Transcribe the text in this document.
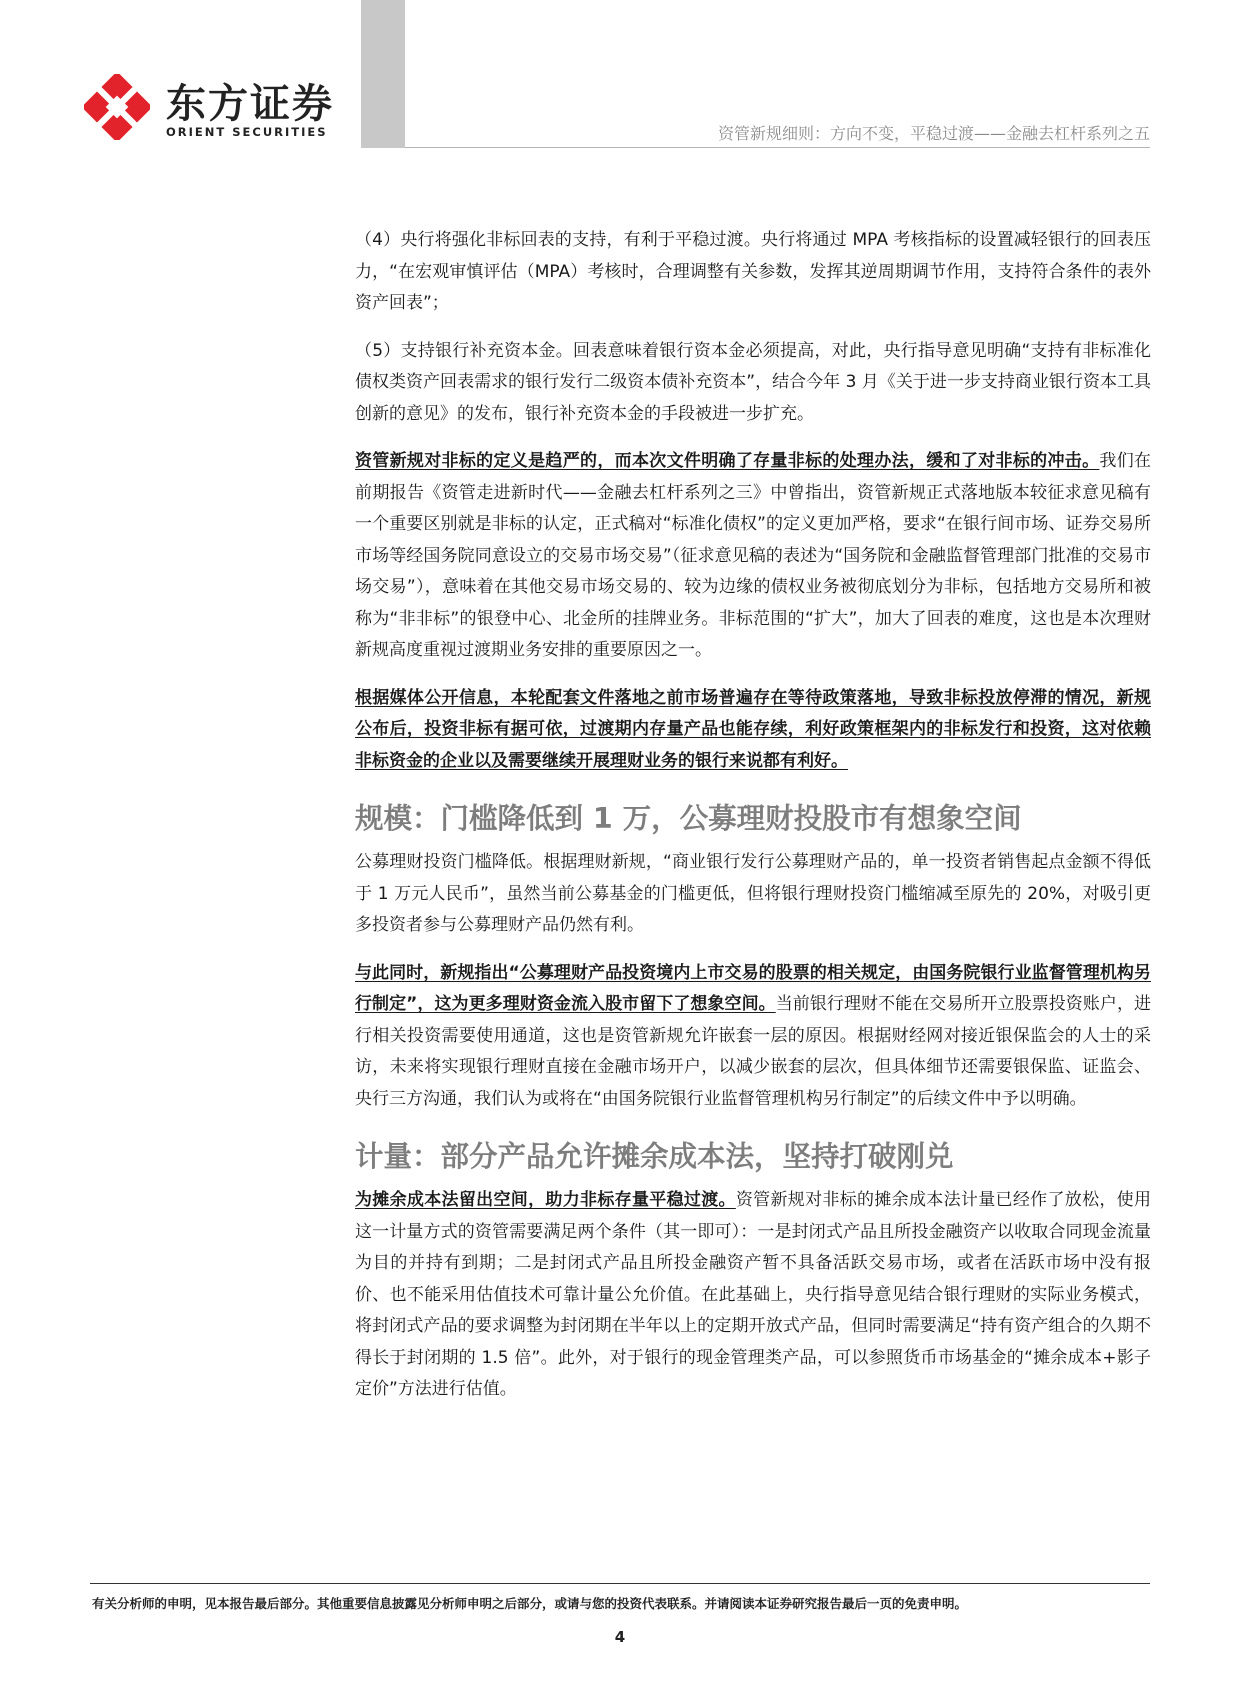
东方证券
ORIENT SECURITIES	资管新规细则：方向不变，平稳过渡——金融去杠杆系列之五

（4）央行将强化非标回表的支持，有利于平稳过渡。央行将通过 MPA 考核指标的设置减轻银行的回表压力，“在宏观审慎评估（MPA）考核时，合理调整有关参数，发挥其逆周期调节作用，支持符合条件的表外资产回表”；

（5）支持银行补充资本金。回表意味着银行资本金必须提高，对此，央行指导意见明确“支持有非标准化债权类资产回表需求的银行发行二级资本债补充资本”，结合今年 3 月《关于进一步支持商业银行资本工具创新的意见》的发布，银行补充资本金的手段被进一步扩充。

资管新规对非标的定义是趋严的，而本次文件明确了存量非标的处理办法，缓和了对非标的冲击。我们在前期报告《资管走进新时代——金融去杠杆系列之三》中曾指出，资管新规正式落地版本较征求意见稿有一个重要区别就是非标的认定，正式稿对“标准化债权”的定义更加严格，要求“在银行间市场、证券交易所市场等经国务院同意设立的交易市场交易”（征求意见稿的表述为“国务院和金融监督管理部门批准的交易市场交易”），意味着在其他交易市场交易的、较为边缘的债权业务被彻底划分为非标，包括地方交易所和被称为“非非标”的银登中心、北金所的挂牌业务。非标范围的“扩大”，加大了回表的难度，这也是本次理财新规高度重视过渡期业务安排的重要原因之一。

根据媒体公开信息，本轮配套文件落地之前市场普遍存在等待政策落地，导致非标投放停滞的情况，新规公布后，投资非标有据可依，过渡期内存量产品也能存续，利好政策框架内的非标发行和投资，这对依赖非标资金的企业以及需要继续开展理财业务的银行来说都有利好。

规模：门槛降低到 1 万，公募理财投股市有想象空间

公募理财投资门槛降低。根据理财新规，“商业银行发行公募理财产品的，单一投资者销售起点金额不得低于 1 万元人民币”，虽然当前公募基金的门槛更低，但将银行理财投资门槛缩减至原先的 20%，对吸引更多投资者参与公募理财产品仍然有利。

与此同时，新规指出“公募理财产品投资境内上市交易的股票的相关规定，由国务院银行业监督管理机构另行制定”，这为更多理财资金流入股市留下了想象空间。当前银行理财不能在交易所开立股票投资账户，进行相关投资需要使用通道，这也是资管新规允许嵌套一层的原因。根据财经网对接近银保监会的人士的采访，未来将实现银行理财直接在金融市场开户，以减少嵌套的层次，但具体细节还需要银保监、证监会、央行三方沟通，我们认为或将在“由国务院银行业监督管理机构另行制定”的后续文件中予以明确。

计量：部分产品允许摊余成本法，坚持打破刚兑

为摊余成本法留出空间，助力非标存量平稳过渡。资管新规对非标的摊余成本法计量已经作了放松，使用这一计量方式的资管需要满足两个条件（其一即可）：一是封闭式产品且所投金融资产以收取合同现金流量为目的并持有到期；二是封闭式产品且所投金融资产暂不具备活跃交易市场，或者在活跃市场中没有报价、也不能采用估值技术可靠计量公允价值。在此基础上，央行指导意见结合银行理财的实际业务模式，将封闭式产品的要求调整为封闭期在半年以上的定期开放式产品，但同时需要满足“持有资产组合的久期不得长于封闭期的 1.5 倍”。此外，对于银行的现金管理类产品，可以参照货币市场基金的“摊余成本+影子定价”方法进行估值。

有关分析师的申明，见本报告最后部分。其他重要信息披露见分析师申明之后部分，或请与您的投资代表联系。并请阅读本证券研究报告最后一页的免责申明。
4
